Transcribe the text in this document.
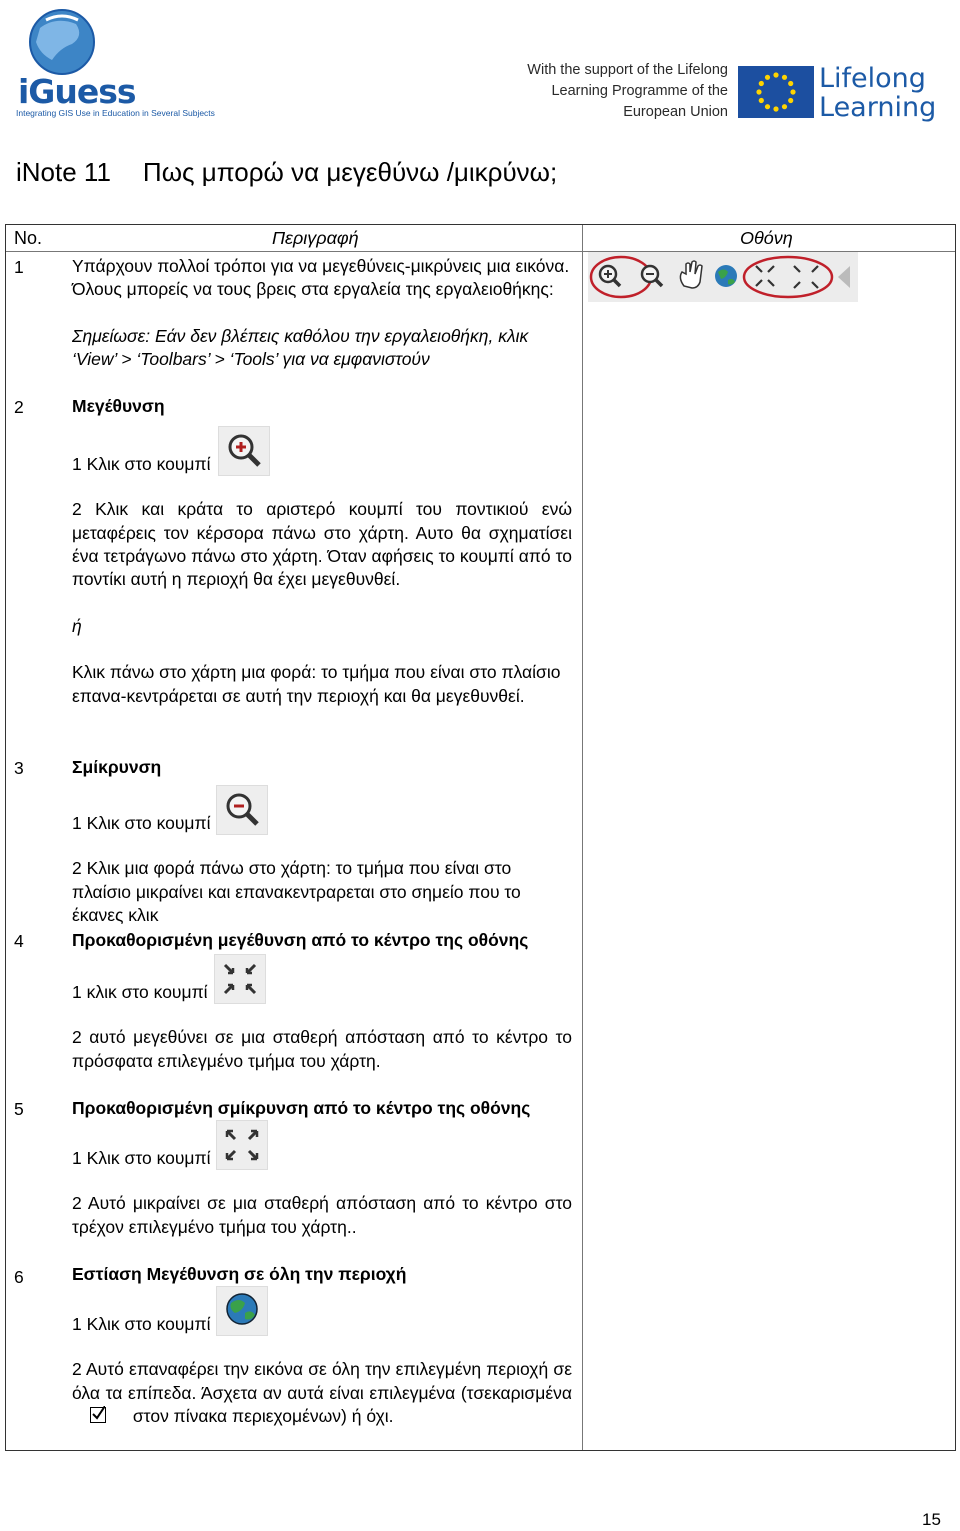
iGuess
Integrating GIS Use in Education in Several Subjects
With the support of the Lifelong
Learning Programme of the
European Union
Lifelong
Learning
iNote 11 Πως μπορώ να μεγεθύνω /μικρύνω;
No.	Περιγραφή	Οθόνη
1	Υπάρχουν πολλοί τρόποι για να μεγεθύνεις-μικρύνεις μια εικόνα. Όλους μπορείς να τους βρεις στα εργαλεία της εργαλειοθήκης:

Σημείωσε: Εάν δεν βλέπεις καθόλου την εργαλειοθήκη, κλικ ‘View’ > ‘Toolbars’ > ‘Tools’ για να εμφανιστούν

2	Μεγέθυνση

1 Κλικ στο κουμπί

2 Κλικ και κράτα το αριστερό κουμπί του ποντικιού ενώ μεταφέρεις τον κέρσορα πάνω στο χάρτη. Αυτο θα σχηματίσει ένα τετράγωνο πάνω στο χάρτη. Όταν αφήσεις το κουμπί από το ποντίκι αυτή η περιοχή θα έχει μεγεθυνθεί.

ή

Κλικ πάνω στο χάρτη μια φορά: το τμήμα που είναι στο πλαίσιο επανα-κεντράρεται σε αυτή την περιοχή και θα μεγεθυνθεί.

3	Σμίκρυνση

1 Κλικ στο κουμπί

2 Κλικ μια φορά πάνω στο χάρτη: το τμήμα που είναι στο πλαίσιο μικραίνει και επανακεντραρεται στο σημείο που το έκανες κλικ

4	Προκαθορισμένη μεγέθυνση από το κέντρο της οθόνης

1 κλικ στο κουμπί

2 αυτό μεγεθύνει σε μια σταθερή απόσταση από το κέντρο το πρόσφατα επιλεγμένο τμήμα του χάρτη.

5	Προκαθορισμένη σμίκρυνση από το κέντρο της οθόνης

1 Κλικ στο κουμπί

2 Αυτό μικραίνει σε μια σταθερή απόσταση από το κέντρο στο τρέχον επιλεγμένο τμήμα του χάρτη..

6	Εστίαση Μεγέθυνση σε όλη την περιοχή

1 Κλικ στο κουμπί

2 Αυτό επαναφέρει την εικόνα σε όλη την επιλεγμένη περιοχή σε όλα τα επίπεδα. Άσχετα αν αυτά είναι επιλεγμένα (τσεκαρισμένα
στον πίνακα περιεχομένων) ή όχι.

15
